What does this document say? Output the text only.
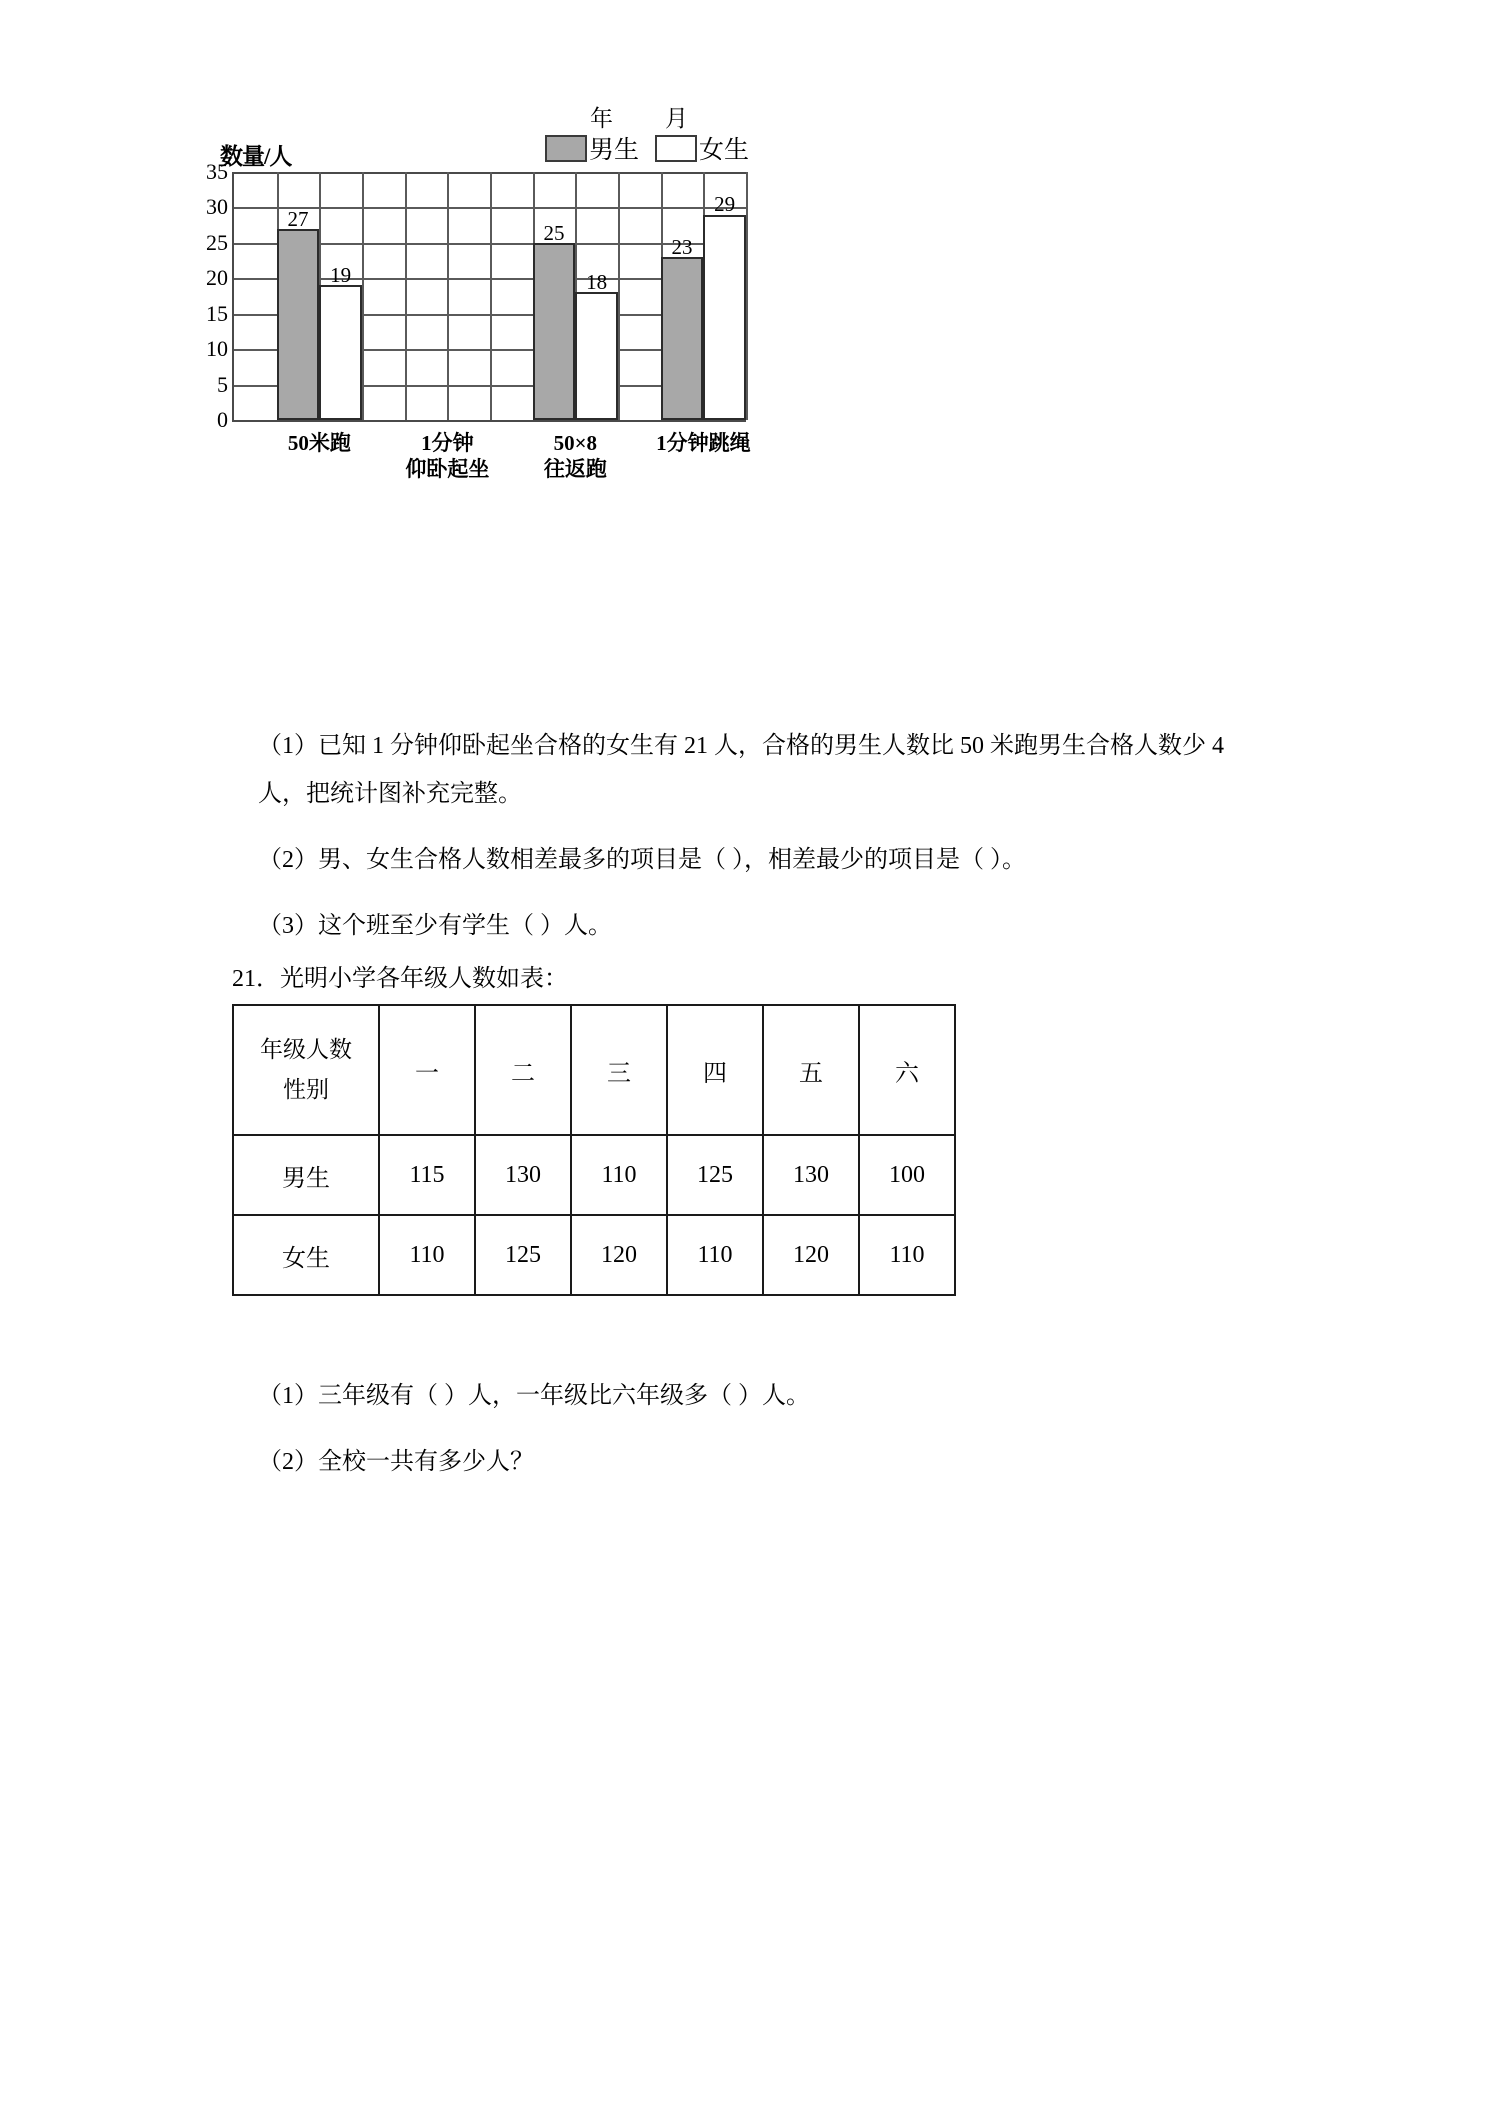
年 月
男生 女生
数量/人
0
5
10
15
20
25
30
35
27
19
50米跑	1分钟
仰卧起坐
25
18
50×8
往返跑
23
29
1分钟跳绳

（1）已知 1 分钟仰卧起坐合格的女生有 21 人，合格的男生人数比 50 米跑男生合格人数少 4 人，把统计图补充完整。

（2）男、女生合格人数相差最多的项目是（ ），相差最少的项目是（ ）。

（3）这个班至少有学生（ ）人。

21．光明小学各年级人数如表：
年级人数
性别	一	二	三	四	五	六
男生	115	130	110	125	130	100
女生	110	125	120	110	120	110

（1）三年级有（ ）人，一年级比六年级多（ ）人。

（2）全校一共有多少人？
